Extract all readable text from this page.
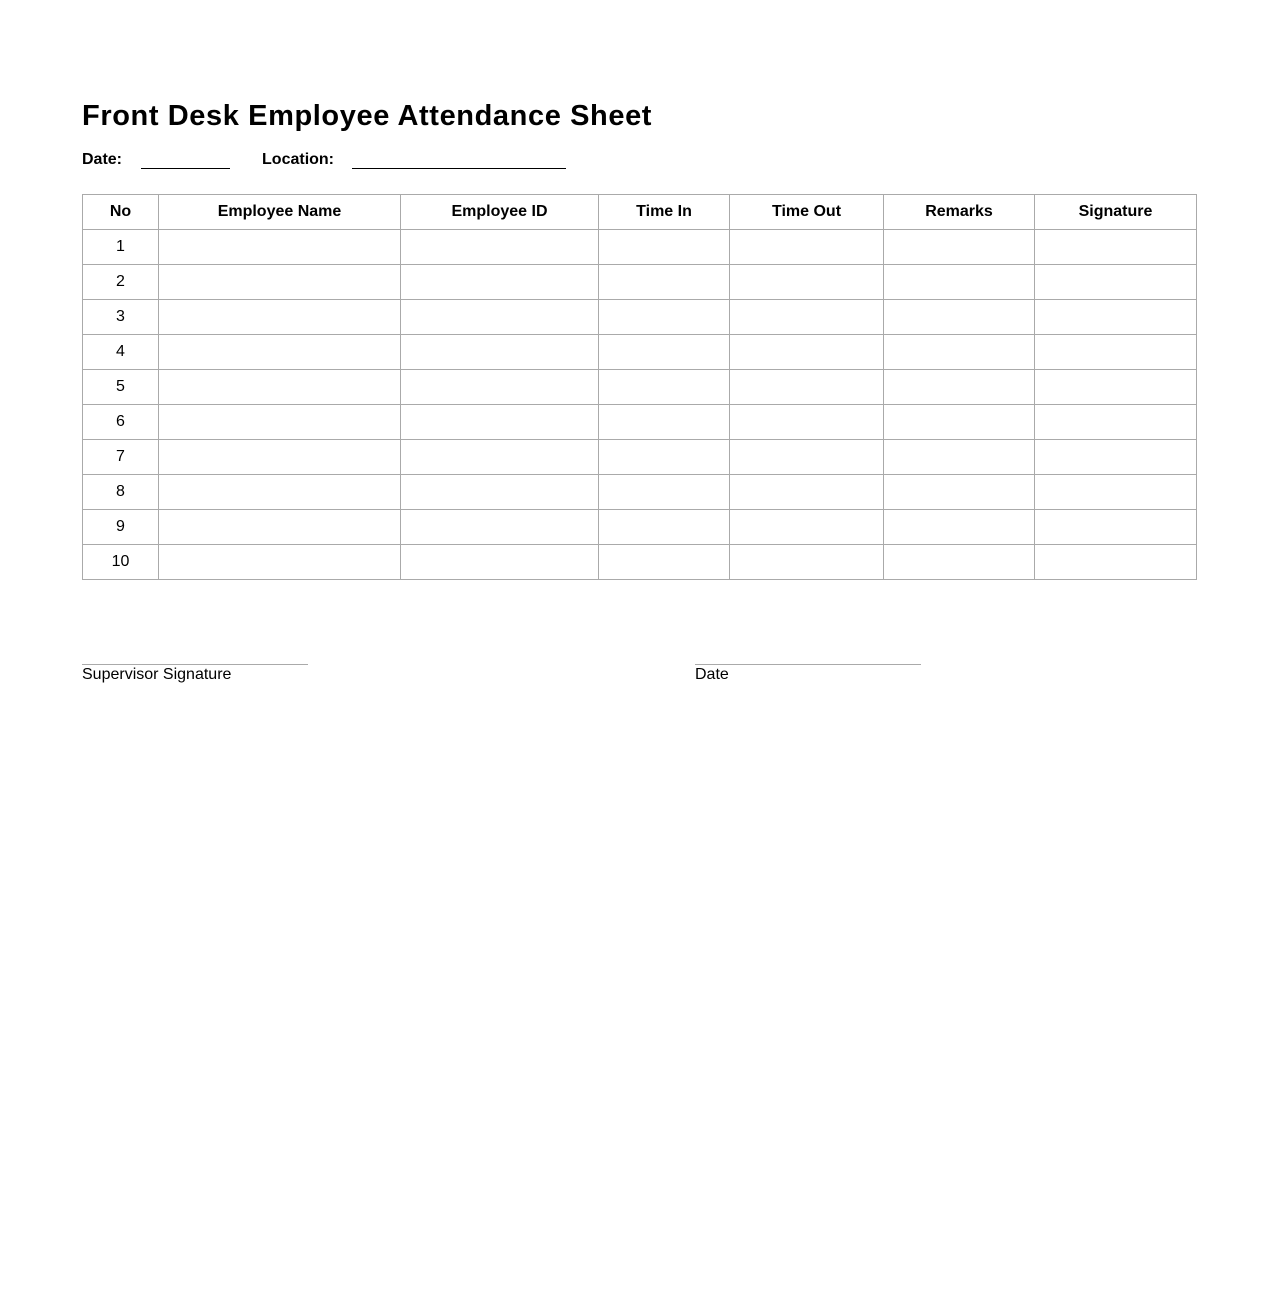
Front Desk Employee Attendance Sheet
Date:	Location:
No	Employee Name	Employee ID	Time In	Time Out	Remarks	Signature
1						
2						
3						
4						
5						
6						
7						
8						
9						
10						
Supervisor Signature	Date
